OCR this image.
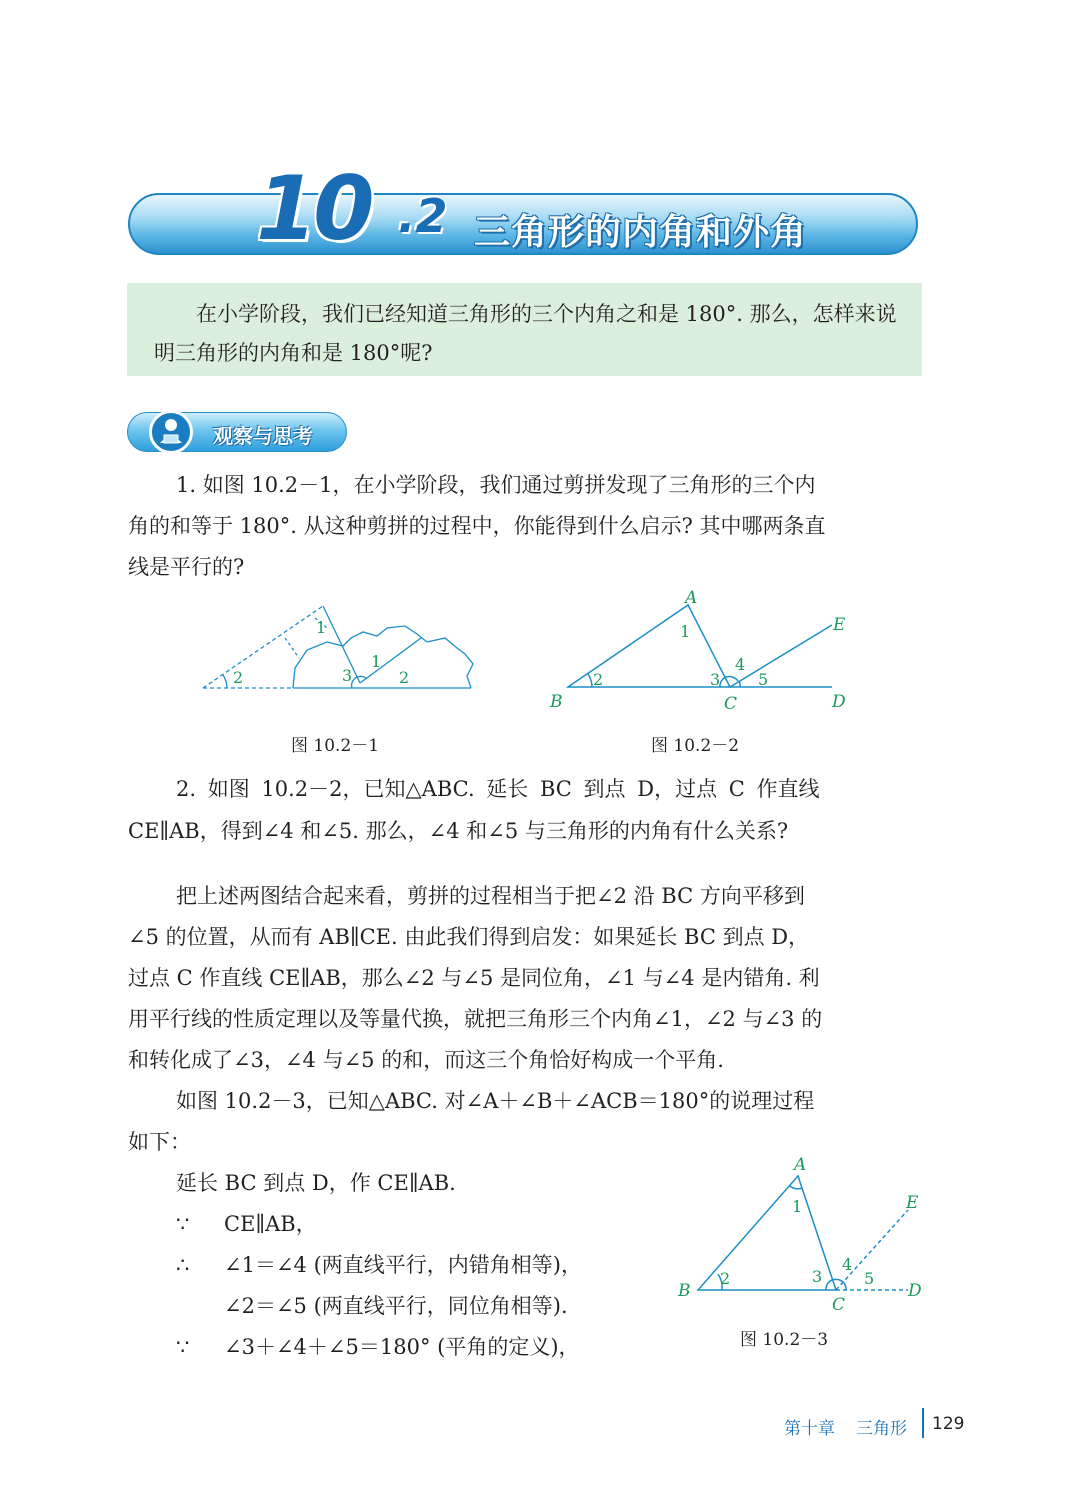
10 .2 三角形的内角和外角
在小学阶段，我们已经知道三角形的三个内角之和是 180°. 那么，怎样来说明三角形的内角和是 180°呢?
观察与思考
1. 如图 10.2－1，在小学阶段，我们通过剪拼发现了三角形的三个内
角的和等于 180°. 从这种剪拼的过程中，你能得到什么启示? 其中哪两条直
线是平行的?
1
2	3
1
2
图 10.2－1
A
B	C	D
E
1
2	3
4
5
图 10.2－2
2. 如图 10.2－2，已知△ABC. 延长 BC 到点 D，过点 C 作直线
CE∥AB，得到∠4 和∠5. 那么，∠4 和∠5 与三角形的内角有什么关系?
把上述两图结合起来看，剪拼的过程相当于把∠2 沿 BC 方向平移到
∠5 的位置，从而有 AB∥CE. 由此我们得到启发：如果延长 BC 到点 D，
过点 C 作直线 CE∥AB，那么∠2 与∠5 是同位角，∠1 与∠4 是内错角. 利
用平行线的性质定理以及等量代换，就把三角形三个内角∠1，∠2 与∠3 的
和转化成了∠3，∠4 与∠5 的和，而这三个角恰好构成一个平角.
如图 10.2－3，已知△ABC. 对∠A＋∠B＋∠ACB＝180°的说理过程
如下：
延长 BC 到点 D，作 CE∥AB.
∵ CE∥AB，
∴ ∠1＝∠4 (两直线平行，内错角相等)，
∠2＝∠5 (两直线平行，同位角相等).
∵ ∠3＋∠4＋∠5＝180° (平角的定义)，
A
B
C
D
E
1
2	3
4
5
图 10.2－3
第十章 三角形 129
